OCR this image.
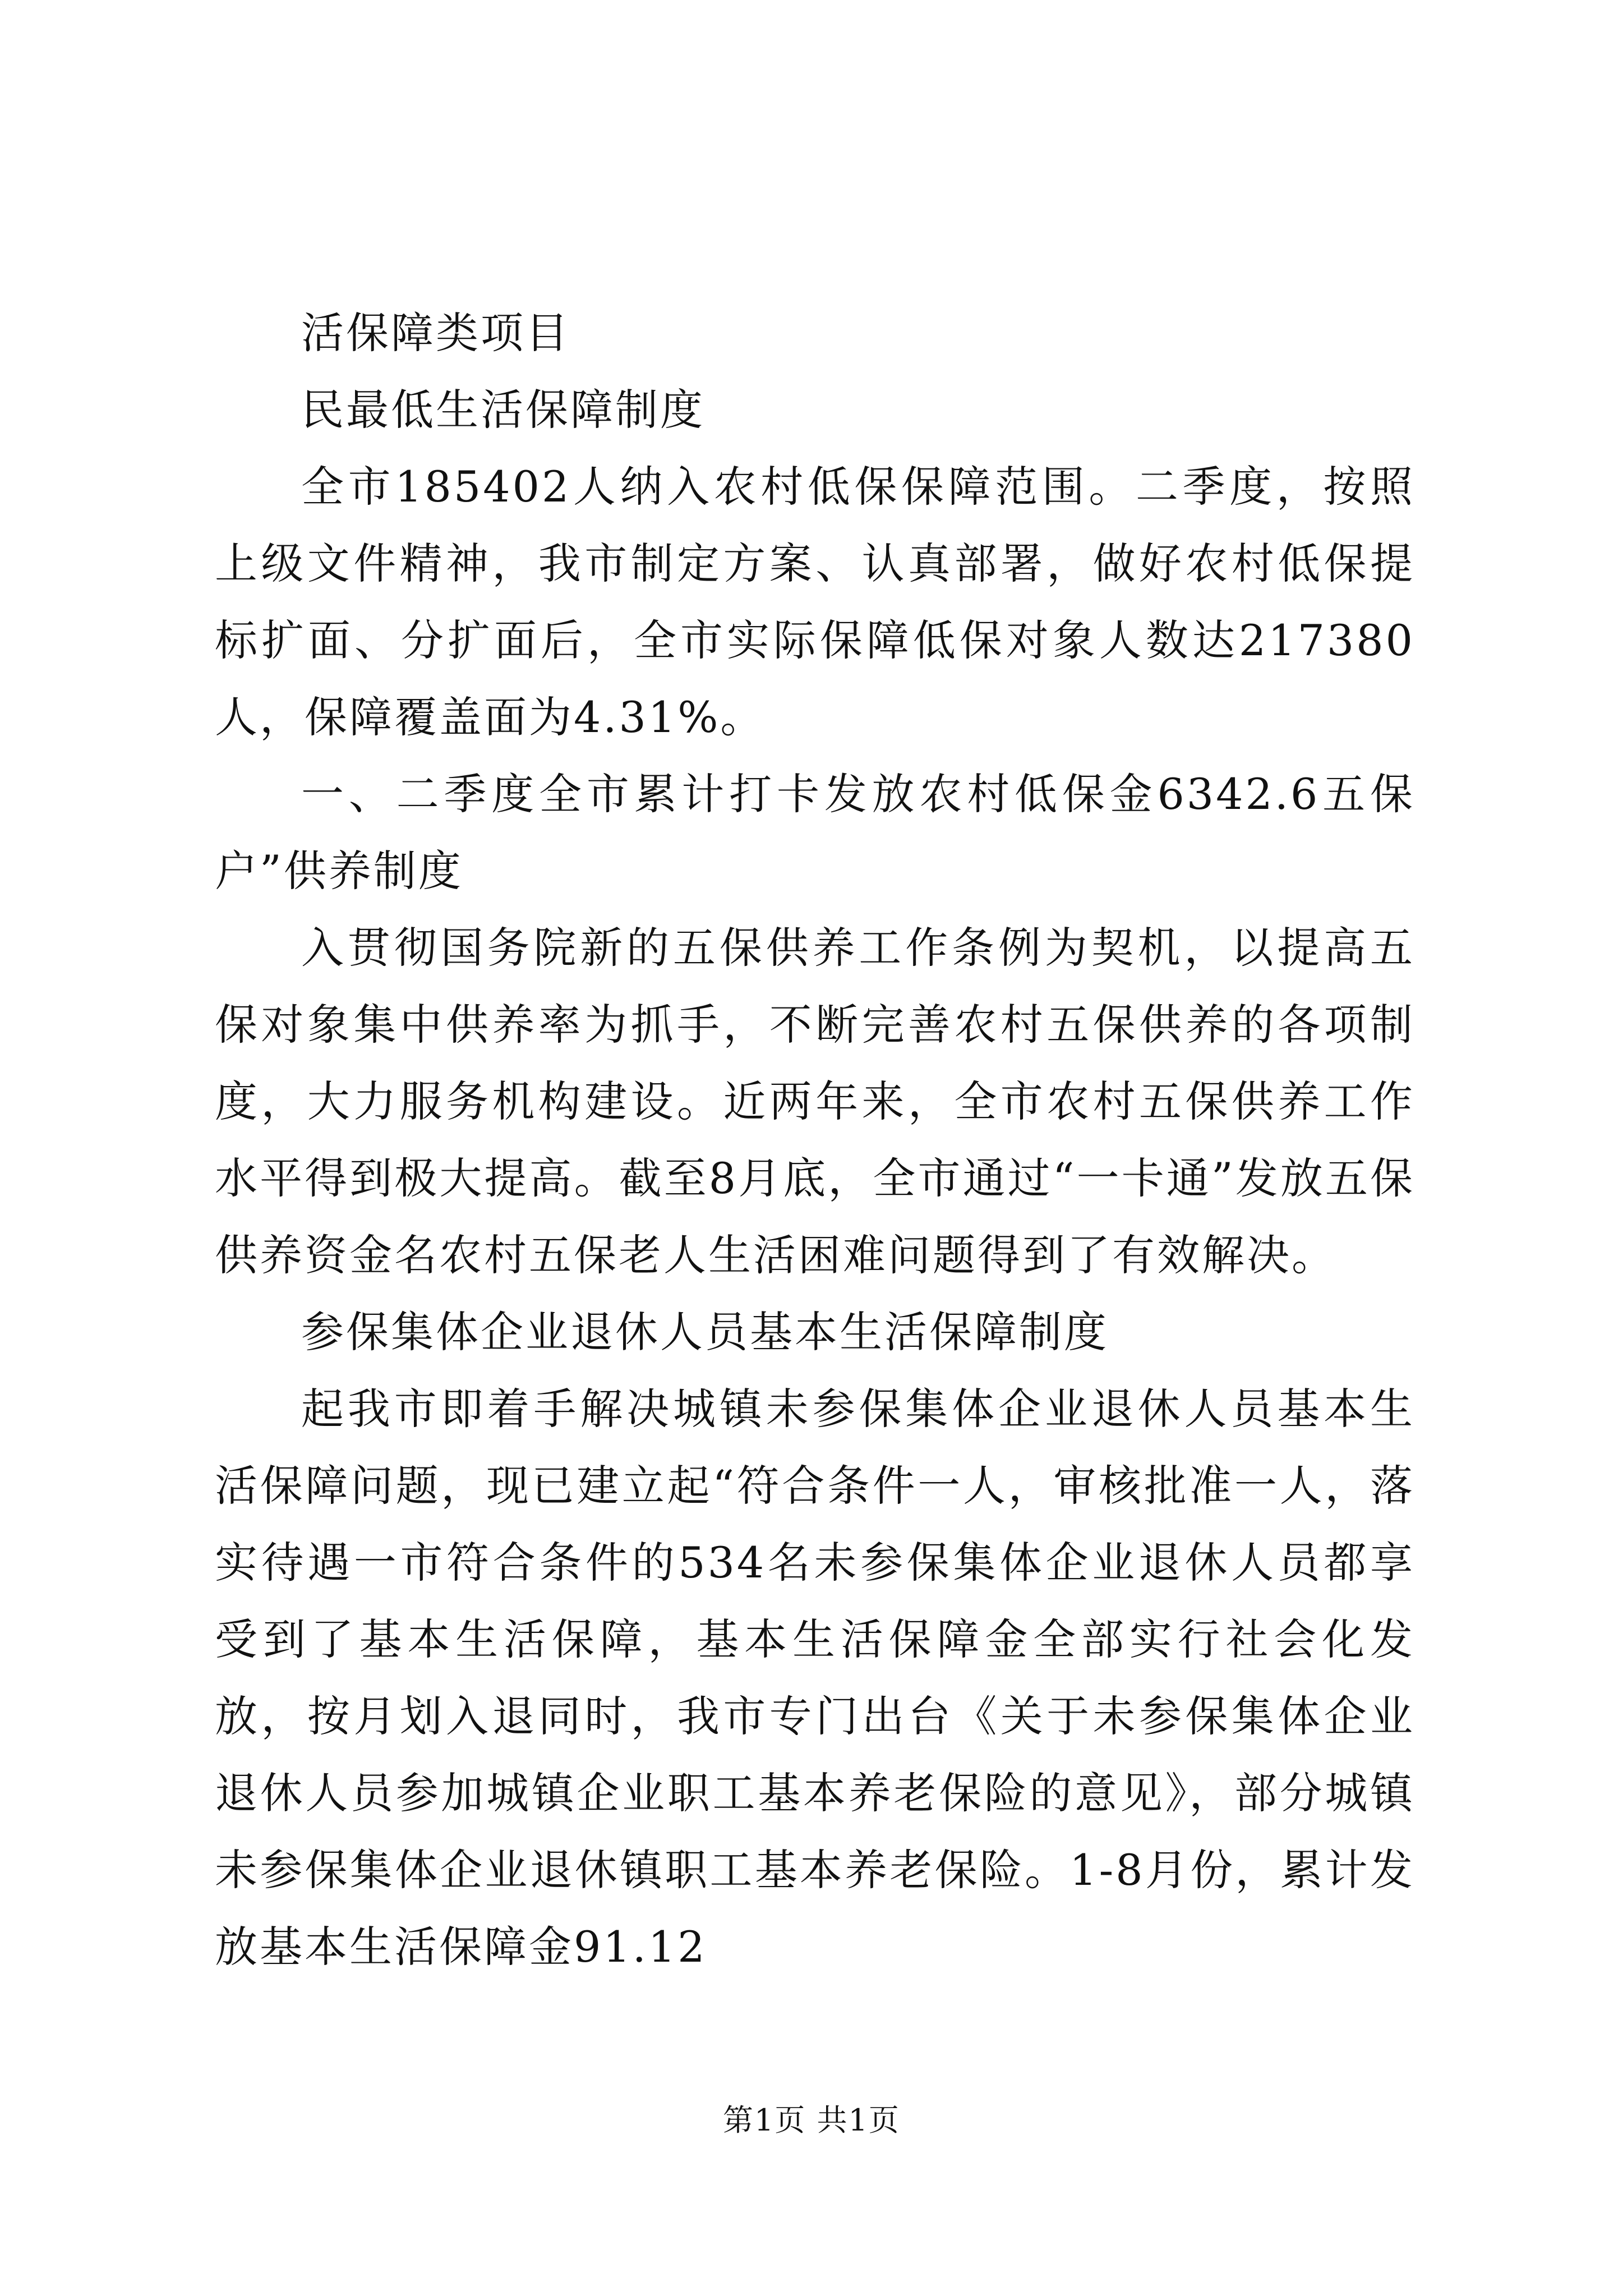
活保障类项目

民最低生活保障制度

全市185402人纳入农村低保保障范围。二季度，按照上级文件精神，我市制定方案、认真部署，做好农村低保提标扩面、分扩面后，全市实际保障低保对象人数达217380人，保障覆盖面为4.31%。

一、二季度全市累计打卡发放农村低保金6342.6五保户”供养制度

入贯彻国务院新的五保供养工作条例为契机，以提高五保对象集中供养率为抓手，不断完善农村五保供养的各项制度，大力服务机构建设。近两年来，全市农村五保供养工作水平得到极大提高。截至8月底，全市通过“一卡通”发放五保供养资金名农村五保老人生活困难问题得到了有效解决。

参保集体企业退休人员基本生活保障制度

起我市即着手解决城镇未参保集体企业退休人员基本生活保障问题，现已建立起“符合条件一人，审核批准一人，落实待遇一市符合条件的534名未参保集体企业退休人员都享受到了基本生活保障，基本生活保障金全部实行社会化发放，按月划入退同时，我市专门出台《关于未参保集体企业退休人员参加城镇企业职工基本养老保险的意见》，部分城镇未参保集体企业退休镇职工基本养老保险。1-8月份，累计发放基本生活保障金91.12

第1页 共1页
